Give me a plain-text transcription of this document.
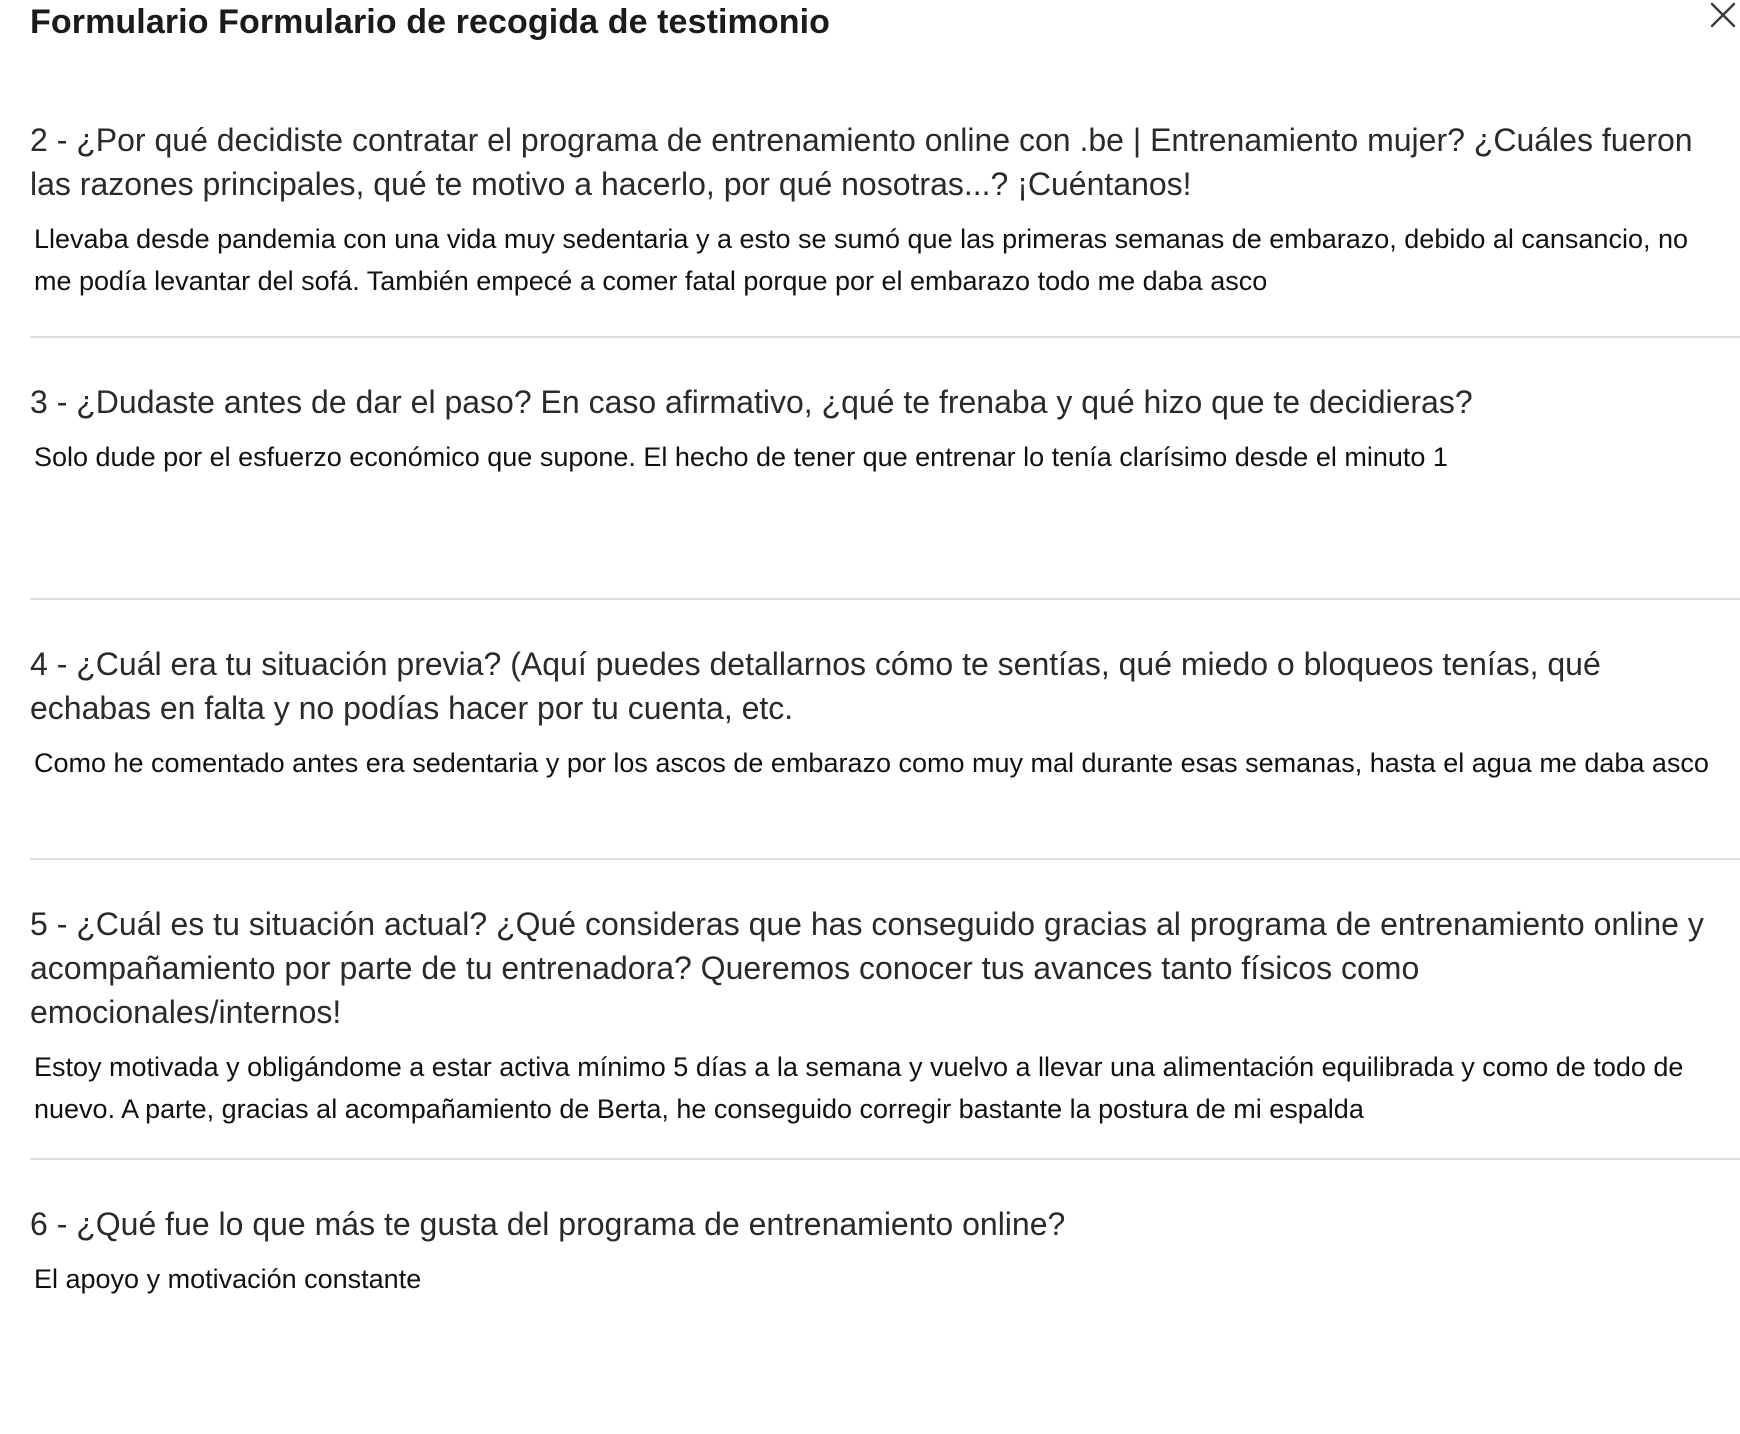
Formulario Formulario de recogida de testimonio

2 - ¿Por qué decidiste contratar el programa de entrenamiento online con .be | Entrenamiento mujer? ¿Cuáles fueron las razones principales, qué te motivo a hacerlo, por qué nosotras...? ¡Cuéntanos!

Llevaba desde pandemia con una vida muy sedentaria y a esto se sumó que las primeras semanas de embarazo, debido al cansancio, no me podía levantar del sofá. También empecé a comer fatal porque por el embarazo todo me daba asco

3 - ¿Dudaste antes de dar el paso? En caso afirmativo, ¿qué te frenaba y qué hizo que te decidieras?

Solo dude por el esfuerzo económico que supone. El hecho de tener que entrenar lo tenía clarísimo desde el minuto 1

4 - ¿Cuál era tu situación previa? (Aquí puedes detallarnos cómo te sentías, qué miedo o bloqueos tenías, qué echabas en falta y no podías hacer por tu cuenta, etc.

Como he comentado antes era sedentaria y por los ascos de embarazo como muy mal durante esas semanas, hasta el agua me daba asco

5 - ¿Cuál es tu situación actual? ¿Qué consideras que has conseguido gracias al programa de entrenamiento online y acompañamiento por parte de tu entrenadora? Queremos conocer tus avances tanto físicos como emocionales/internos!

Estoy motivada y obligándome a estar activa mínimo 5 días a la semana y vuelvo a llevar una alimentación equilibrada y como de todo de nuevo. A parte, gracias al acompañamiento de Berta, he conseguido corregir bastante la postura de mi espalda

6 - ¿Qué fue lo que más te gusta del programa de entrenamiento online?

El apoyo y motivación constante
